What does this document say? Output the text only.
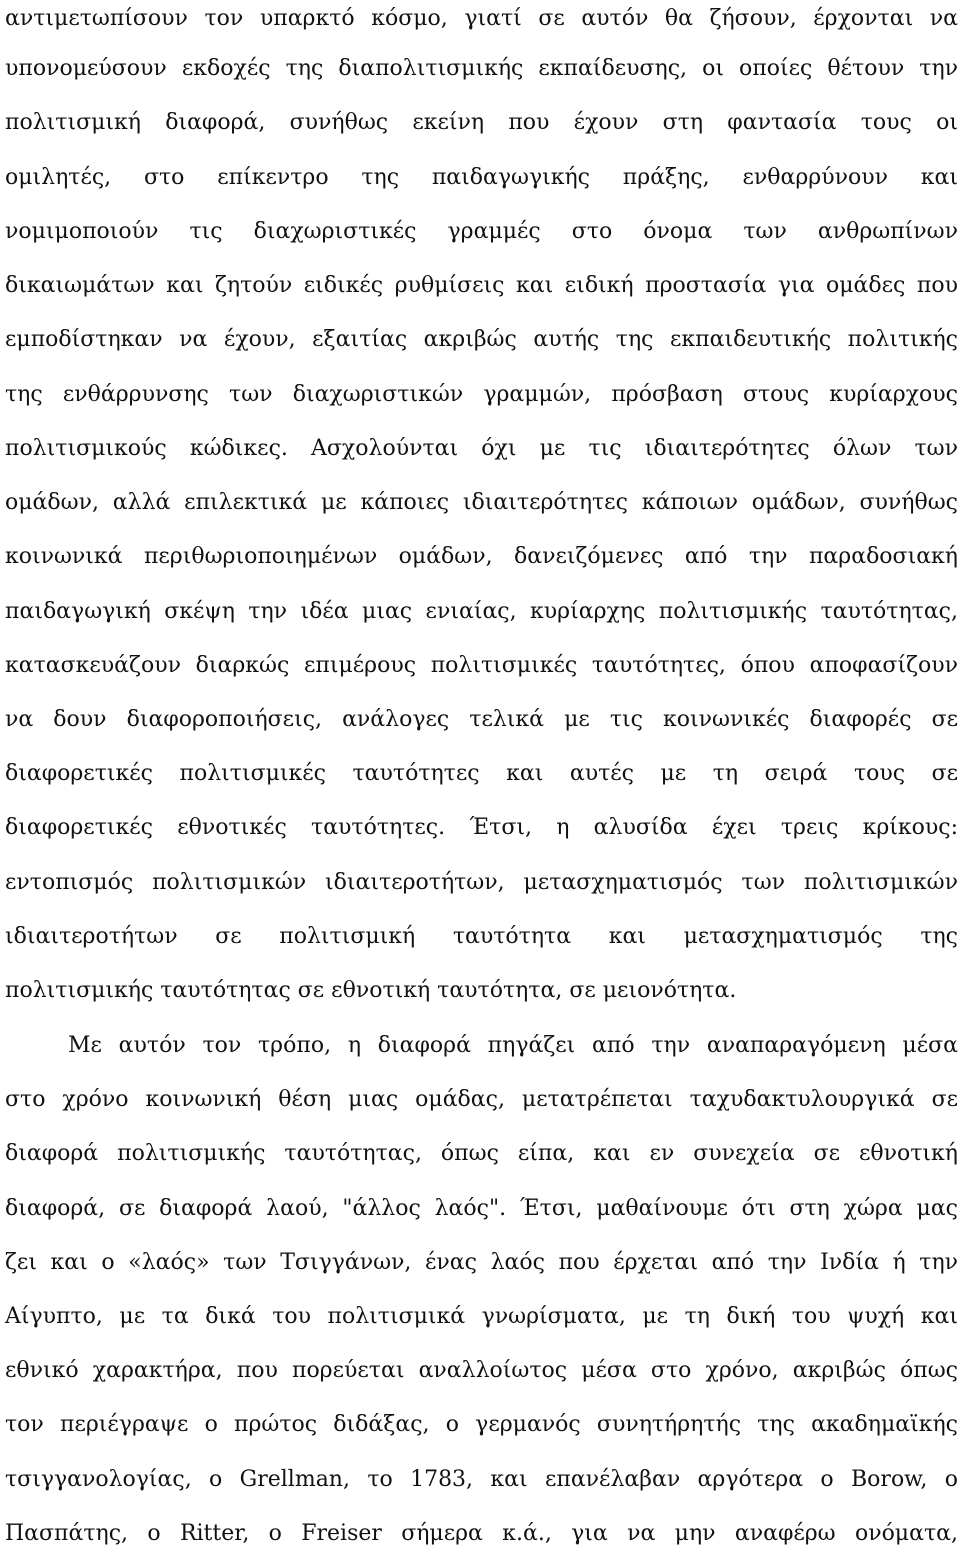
αντιμετωπίσουν τον υπαρκτό κόσμο, γιατί σε αυτόν θα ζήσουν, έρχονται να
υπονομεύσουν εκδοχές της διαπολιτισμικής εκπαίδευσης, οι οποίες θέτουν την
πολιτισμική διαφορά, συνήθως εκείνη που έχουν στη φαντασία τους οι
ομιλητές, στο επίκεντρο της παιδαγωγικής πράξης, ενθαρρύνουν και
νομιμοποιούν τις διαχωριστικές γραμμές στο όνομα των ανθρωπίνων
δικαιωμάτων και ζητούν ειδικές ρυθμίσεις και ειδική προστασία για ομάδες που
εμποδίστηκαν να έχουν, εξαιτίας ακριβώς αυτής της εκπαιδευτικής πολιτικής
της ενθάρρυνσης των διαχωριστικών γραμμών, πρόσβαση στους κυρίαρχους
πολιτισμικούς κώδικες. Ασχολούνται όχι με τις ιδιαιτερότητες όλων των
ομάδων, αλλά επιλεκτικά με κάποιες ιδιαιτερότητες κάποιων ομάδων, συνήθως
κοινωνικά περιθωριοποιημένων ομάδων, δανειζόμενες από την παραδοσιακή
παιδαγωγική σκέψη την ιδέα μιας ενιαίας, κυρίαρχης πολιτισμικής ταυτότητας,
κατασκευάζουν διαρκώς επιμέρους πολιτισμικές ταυτότητες, όπου αποφασίζουν
να δουν διαφοροποιήσεις, ανάλογες τελικά με τις κοινωνικές διαφορές σε
διαφορετικές πολιτισμικές ταυτότητες και αυτές με τη σειρά τους σε
διαφορετικές εθνοτικές ταυτότητες. Έτσι, η αλυσίδα έχει τρεις κρίκους:
εντοπισμός πολιτισμικών ιδιαιτεροτήτων, μετασχηματισμός των πολιτισμικών
ιδιαιτεροτήτων σε πολιτισμική ταυτότητα και μετασχηματισμός της
πολιτισμικής ταυτότητας σε εθνοτική ταυτότητα, σε μειονότητα.
Με αυτόν τον τρόπο, η διαφορά πηγάζει από την αναπαραγόμενη μέσα
στο χρόνο κοινωνική θέση μιας ομάδας, μετατρέπεται ταχυδακτυλουργικά σε
διαφορά πολιτισμικής ταυτότητας, όπως είπα, και εν συνεχεία σε εθνοτική
διαφορά, σε διαφορά λαού, "άλλος λαός". Έτσι, μαθαίνουμε ότι στη χώρα μας
ζει και ο «λαός» των Τσιγγάνων, ένας λαός που έρχεται από την Ινδία ή την
Αίγυπτο, με τα δικά του πολιτισμικά γνωρίσματα, με τη δική του ψυχή και
εθνικό χαρακτήρα, που πορεύεται αναλλοίωτος μέσα στο χρόνο, ακριβώς όπως
τον περιέγραψε ο πρώτος διδάξας, ο γερμανός συνητήρητής της ακαδημαϊκής
τσιγγανολογίας, ο Grellman, το 1783, και επανέλαβαν αργότερα ο Borow, ο
Πασπάτης, ο Ritter, ο Freiser σήμερα κ.ά., για να μην αναφέρω ονόματα,
